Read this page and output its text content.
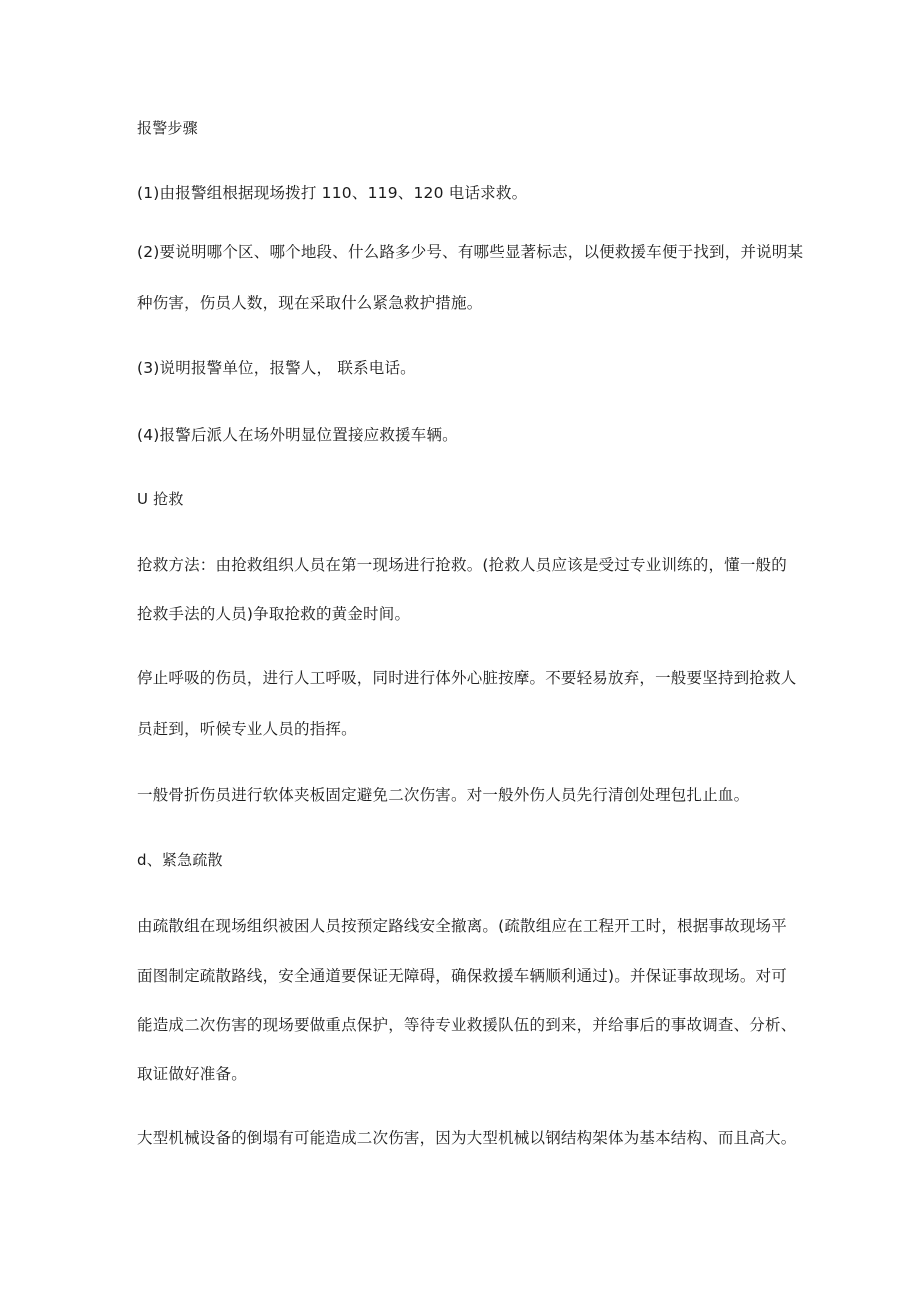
报警步骤

(1)由报警组根据现场拨打 110、119、120 电话求救。

(2)要说明哪个区、哪个地段、什么路多少号、有哪些显著标志，以便救援车便于找到，并说明某

种伤害，伤员人数，现在采取什么紧急救护措施。

(3)说明报警单位，报警人， 联系电话。

(4)报警后派人在场外明显位置接应救援车辆。

U 抢救

抢救方法：由抢救组织人员在第一现场进行抢救。(抢救人员应该是受过专业训练的，懂一般的

抢救手法的人员)争取抢救的黄金时间。

停止呼吸的伤员，进行人工呼吸，同时进行体外心脏按摩。不要轻易放弃，一般要坚持到抢救人

员赶到，听候专业人员的指挥。

一般骨折伤员进行软体夹板固定避免二次伤害。对一般外伤人员先行清创处理包扎止血。

d、紧急疏散

由疏散组在现场组织被困人员按预定路线安全撤离。(疏散组应在工程开工时，根据事故现场平

面图制定疏散路线，安全通道要保证无障碍，确保救援车辆顺利通过)。并保证事故现场。对可

能造成二次伤害的现场要做重点保护，等待专业救援队伍的到来，并给事后的事故调查、分析、

取证做好准备。

大型机械设备的倒塌有可能造成二次伤害，因为大型机械以钢结构架体为基本结构、而且高大。
